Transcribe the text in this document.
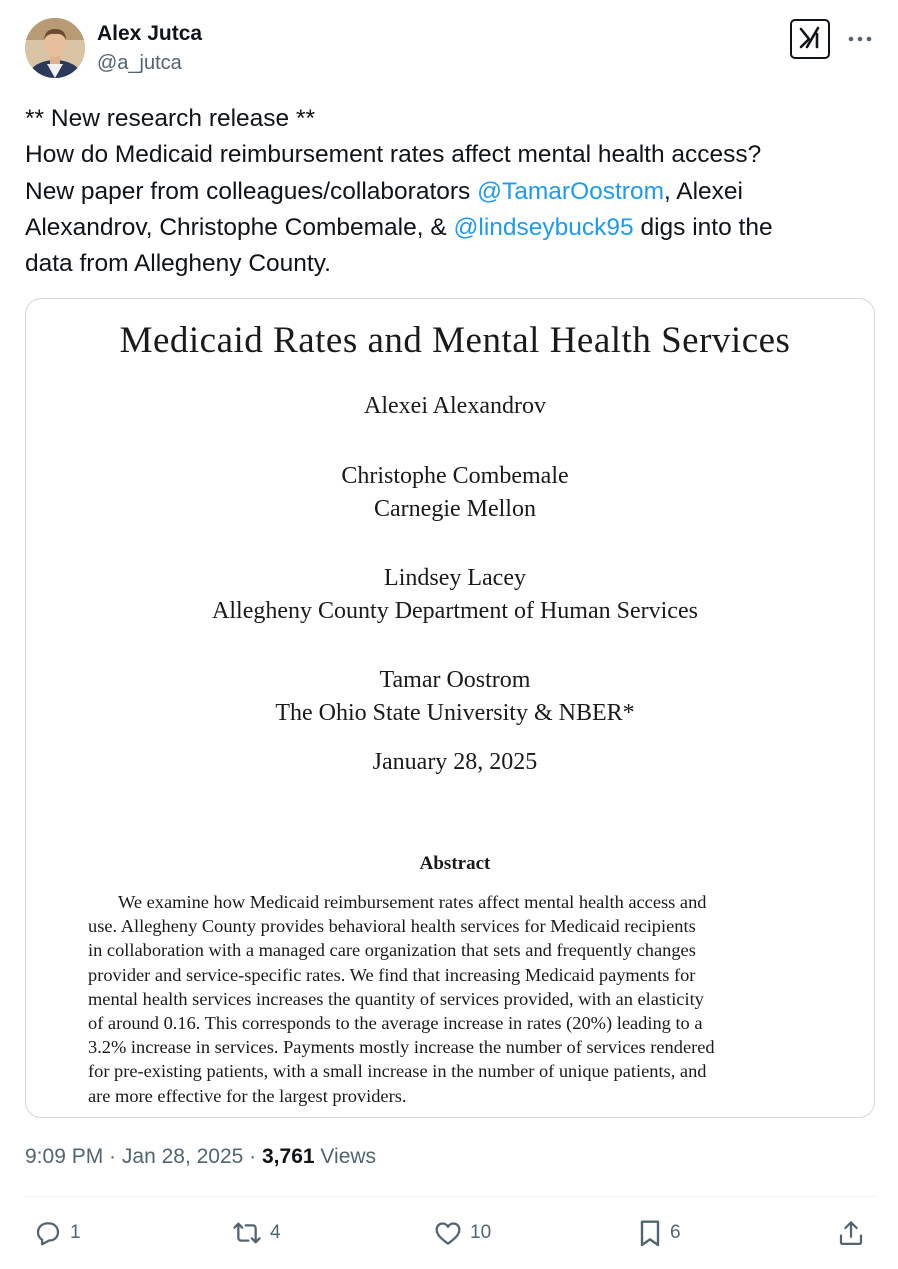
Alex Jutca
@a_jutca
** New research release **
How do Medicaid reimbursement rates affect mental health access?
New paper from colleagues/collaborators @TamarOostrom, Alexei
Alexandrov, Christophe Combemale, & @lindseybuck95 digs into the
data from Allegheny County.
Medicaid Rates and Mental Health Services
Alexei Alexandrov
Christophe Combemale
Carnegie Mellon
Lindsey Lacey
Allegheny County Department of Human Services
Tamar Oostrom
The Ohio State University & NBER*
January 28, 2025
Abstract
We examine how Medicaid reimbursement rates affect mental health access and
use. Allegheny County provides behavioral health services for Medicaid recipients
in collaboration with a managed care organization that sets and frequently changes
provider and service-specific rates. We find that increasing Medicaid payments for
mental health services increases the quantity of services provided, with an elasticity
of around 0.16. This corresponds to the average increase in rates (20%) leading to a
3.2% increase in services. Payments mostly increase the number of services rendered
for pre-existing patients, with a small increase in the number of unique patients, and
are more effective for the largest providers.
9:09 PM · Jan 28, 2025 · 3,761 Views
1	4	10	6
